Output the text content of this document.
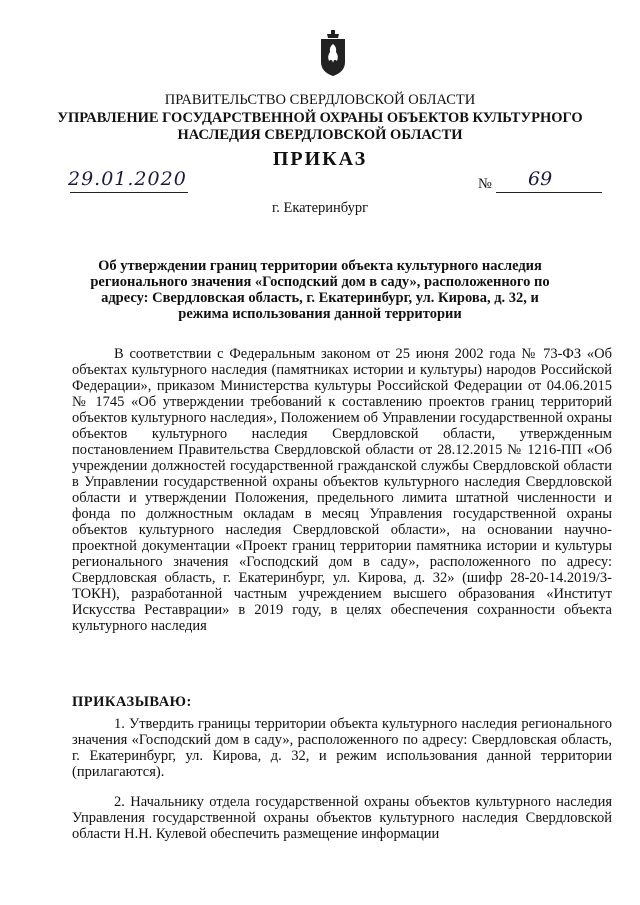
ПРАВИТЕЛЬСТВО СВЕРДЛОВСКОЙ ОБЛАСТИ
УПРАВЛЕНИЕ ГОСУДАРСТВЕННОЙ ОХРАНЫ ОБЪЕКТОВ КУЛЬТУРНОГО НАСЛЕДИЯ СВЕРДЛОВСКОЙ ОБЛАСТИ
ПРИКАЗ
29.01.2020	№ 69
г. Екатеринбург
Об утверждении границ территории объекта культурного наследия регионального значения «Господский дом в саду», расположенного по адресу: Свердловская область, г. Екатеринбург, ул. Кирова, д. 32, и режима использования данной территории
В соответствии с Федеральным законом от 25 июня 2002 года № 73-ФЗ «Об объектах культурного наследия (памятниках истории и культуры) народов Российской Федерации», приказом Министерства культуры Российской Федерации от 04.06.2015 № 1745 «Об утверждении требований к составлению проектов границ территорий объектов культурного наследия», Положением об Управлении государственной охраны объектов культурного наследия Свердловской области, утвержденным постановлением Правительства Свердловской области от 28.12.2015 № 1216-ПП «Об учреждении должностей государственной гражданской службы Свердловской области в Управлении государственной охраны объектов культурного наследия Свердловской области и утверждении Положения, предельного лимита штатной численности и фонда по должностным окладам в месяц Управления государственной охраны объектов культурного наследия Свердловской области», на основании научно-проектной документации «Проект границ территории памятника истории и культуры регионального значения «Господский дом в саду», расположенного по адресу: Свердловская область, г. Екатеринбург, ул. Кирова, д. 32» (шифр 28-20-14.2019/3-ТОКН), разработанной частным учреждением высшего образования «Институт Искусства Реставрации» в 2019 году, в целях обеспечения сохранности объекта культурного наследия
ПРИКАЗЫВАЮ:
1. Утвердить границы территории объекта культурного наследия регионального значения «Господский дом в саду», расположенного по адресу: Свердловская область, г. Екатеринбург, ул. Кирова, д. 32, и режим использования данной территории (прилагаются).
2. Начальнику отдела государственной охраны объектов культурного наследия Управления государственной охраны объектов культурного наследия Свердловской области Н.Н. Кулевой обеспечить размещение информации
